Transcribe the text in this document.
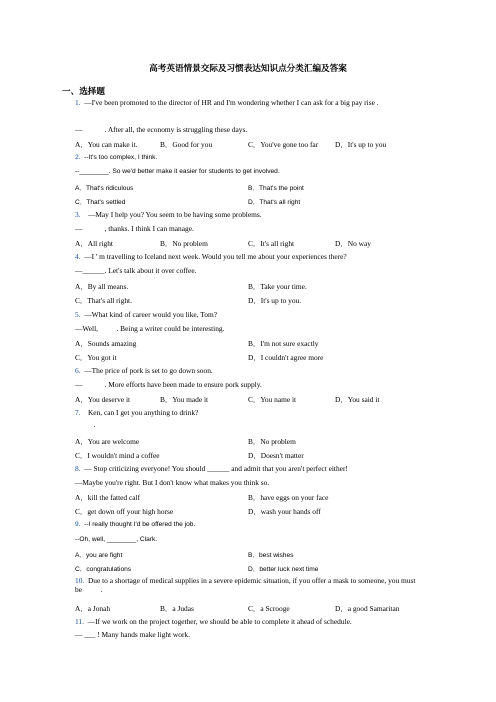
高考英语情景交际及习惯表达知识点分类汇编及答案
一、选择题
1. —I've been promoted to the director of HR and I'm wondering whether I can ask for a big pay rise .
—            . After all, the economy is struggling these days.
A．You can make it.	B．Good for you	C．You've gone too far D．It's up to you
2. --It's too complex, I think.
--________. So we'd better make it easier for students to get involved.
A．That's ridiculous	B．That's the point
C．That's settled	D．That's all right
3. —May I help you? You seem to be having some problems.
—            , thanks. I think I can manage.
A．All right	B．No problem	C．It's all right	D．No way
4. —I ' m travelling to Iceland next week. Would you tell me about your experiences there?
—______. Let's talk about it over coffee.
A．By all means.	B．Take your time.
C．That's all right.	D．It's up to you.
5. —What kind of career would you like, Tom?
—Well,          . Being a writer could be interesting.
A．Sounds amazing	B．I'm not sure exactly
C．You got it	D．I couldn't agree more
6. —The price of pork is set to go down soon.
—            . More efforts have been made to ensure pork supply.
A．You deserve it	B．You made it	C．You name it	D．You said it
7. Ken, can I get you anything to drink?
.
A．You are welcome	B．No problem
C．I wouldn't mind a coffee	D．Doesn't matter
8. — Stop criticizing everyone! You should ______ and admit that you aren't perfect either!
—Maybe you're right. But I don't know what makes you think so.
A．kill the fatted calf	B．have eggs on your face
C．get down off your high horse	D．wash your hands off
9. --I really thought I'd be offered the job.
--Oh, well, ________, Clark.
A．you are fight	B．best wishes
C．congratulations	D．better luck next time
10. Due to a shortage of medical supplies in a severe epidemic situation, if you offer a mask to someone, you must be          .
A．a Jonah	B．a Judas	C．a Scrooge	D．a good Samaritan
11. —If we work on the project together, we should be able to complete it ahead of schedule.
— ___ ! Many hands make light work.
